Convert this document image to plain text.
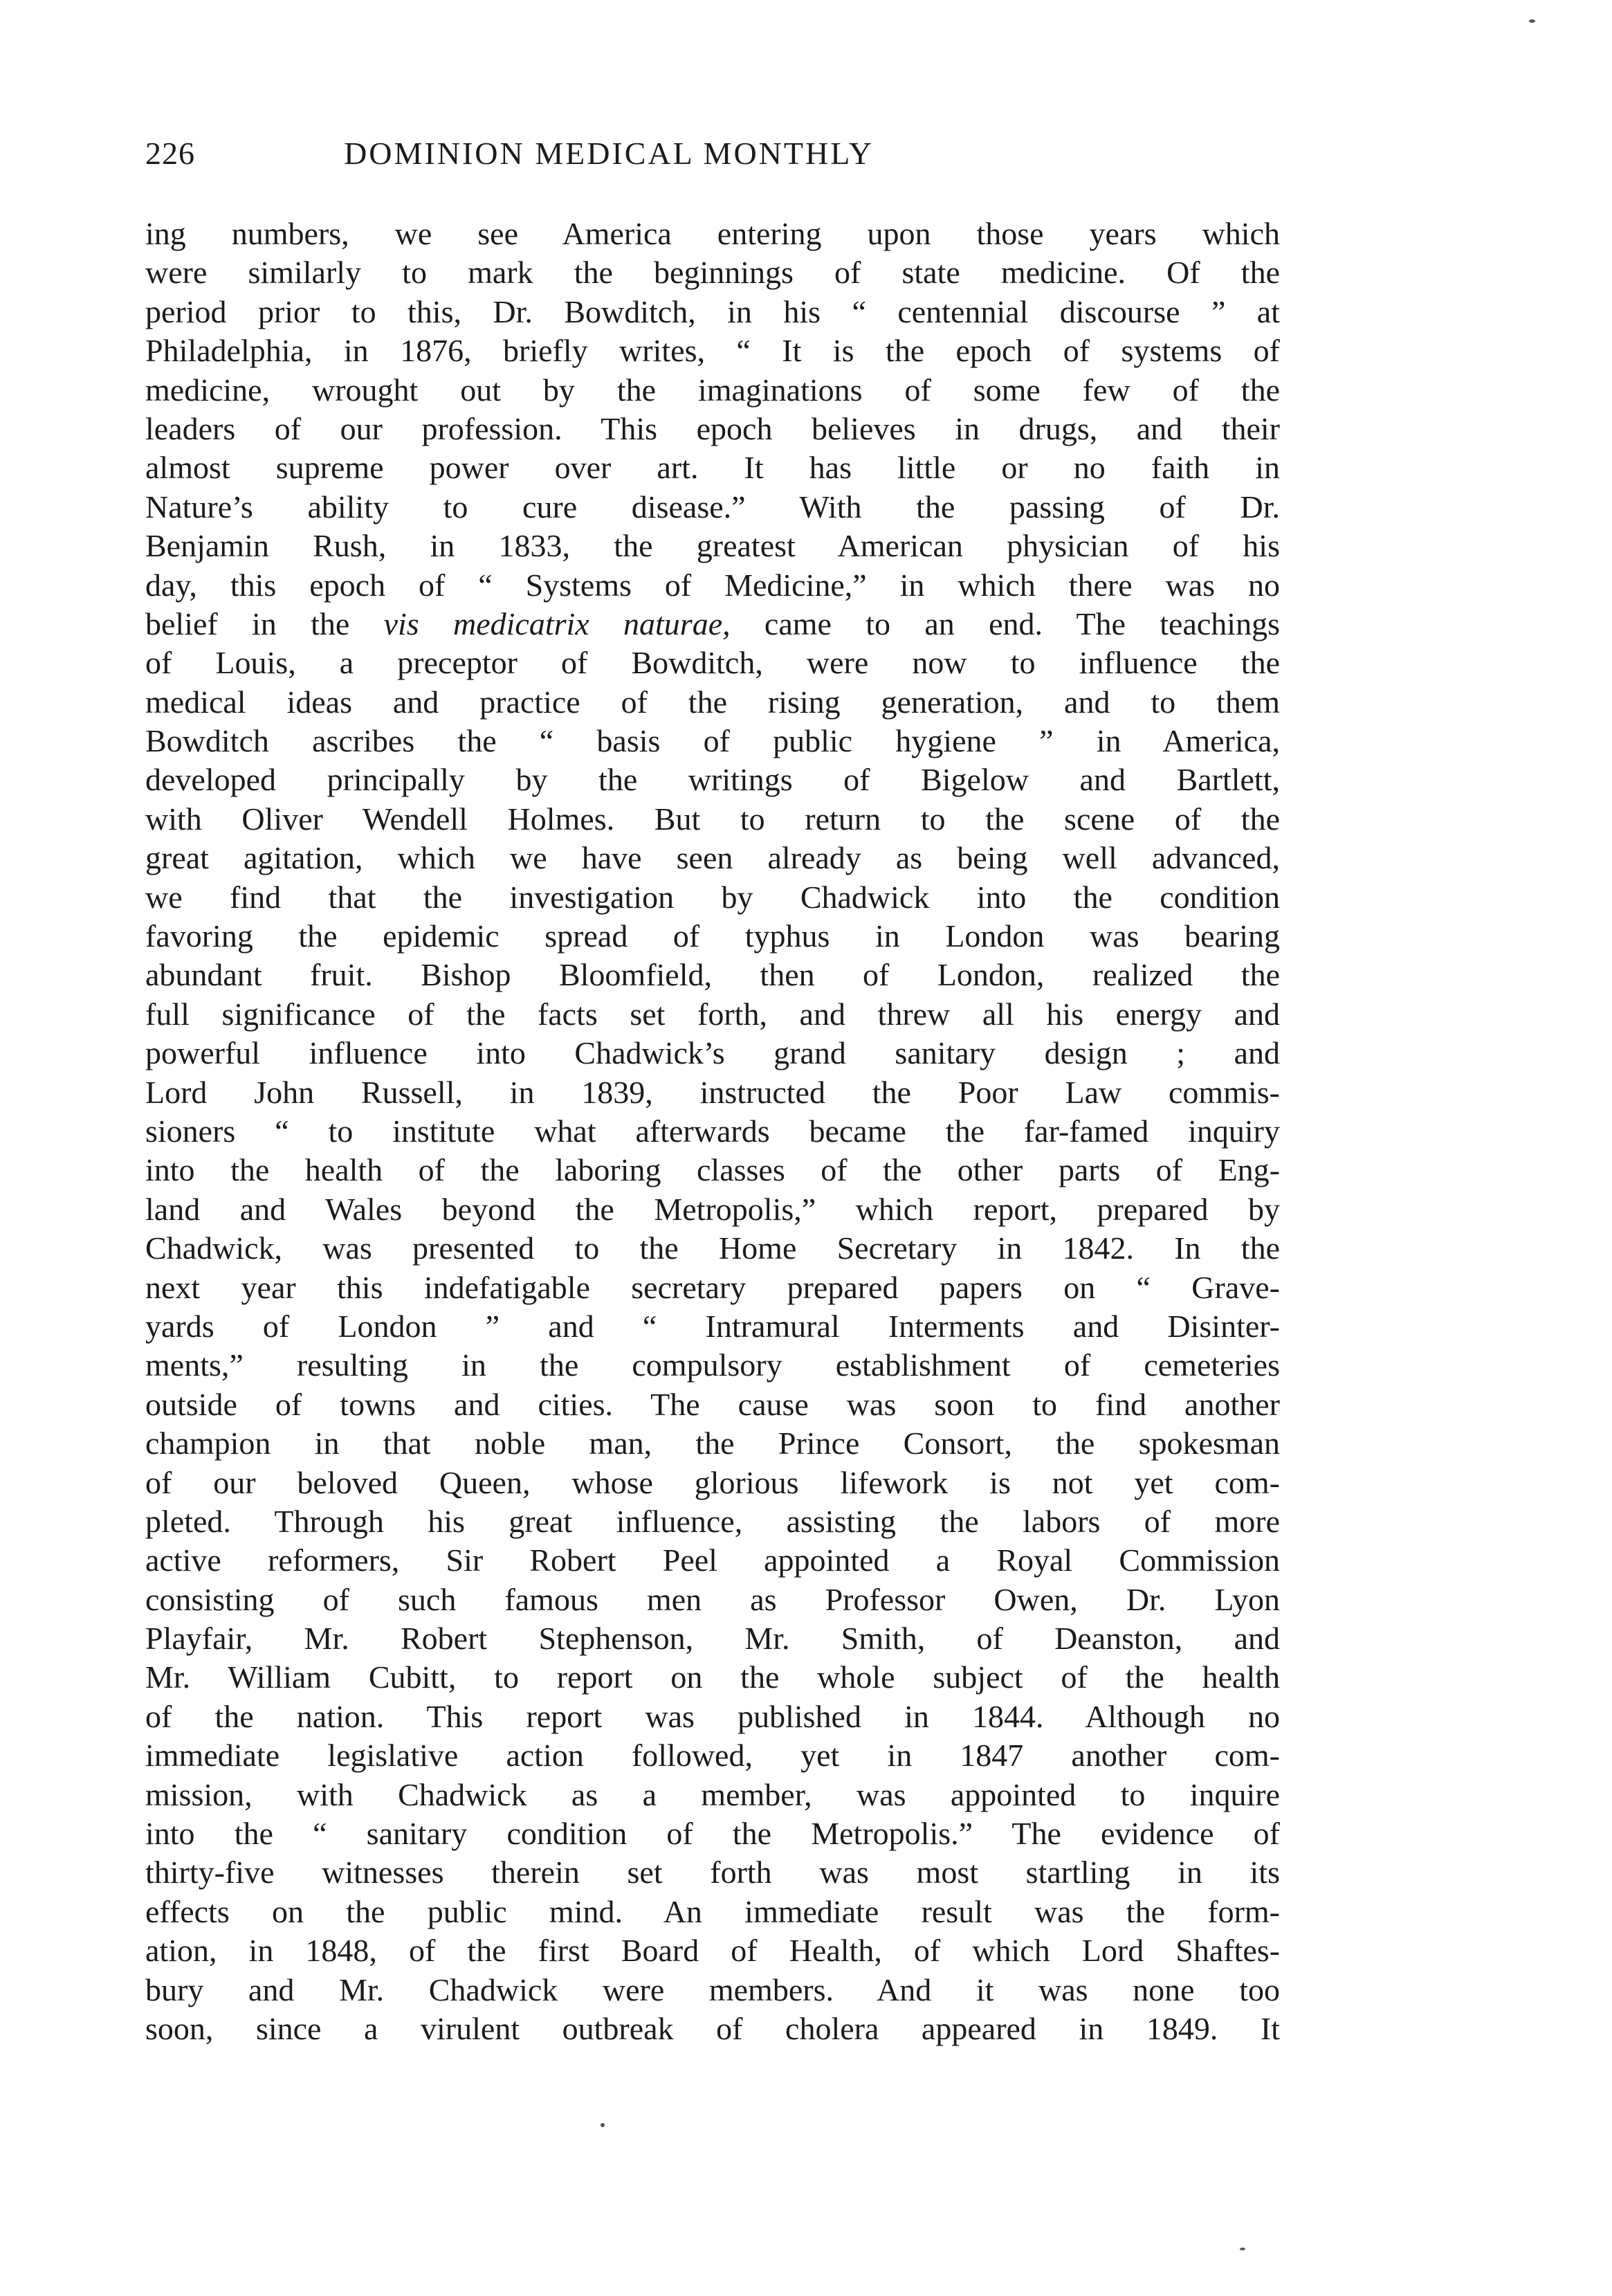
226	DOMINION MEDICAL MONTHLY
ing numbers, we see America entering upon those years which
were similarly to mark the beginnings of state medicine. Of the
period prior to this, Dr. Bowditch, in his “ centennial discourse ” at
Philadelphia, in 1876, briefly writes, “ It is the epoch of systems of
medicine, wrought out by the imaginations of some few of the
leaders of our profession. This epoch believes in drugs, and their
almost supreme power over art. It has little or no faith in
Nature’s ability to cure disease.” With the passing of Dr.
Benjamin Rush, in 1833, the greatest American physician of his
day, this epoch of “ Systems of Medicine,” in which there was no
belief in the vis medicatrix naturae, came to an end. The teachings
of Louis, a preceptor of Bowditch, were now to influence the
medical ideas and practice of the rising generation, and to them
Bowditch ascribes the “ basis of public hygiene ” in America,
developed principally by the writings of Bigelow and Bartlett,
with Oliver Wendell Holmes. But to return to the scene of the
great agitation, which we have seen already as being well advanced,
we find that the investigation by Chadwick into the condition
favoring the epidemic spread of typhus in London was bearing
abundant fruit. Bishop Bloomfield, then of London, realized the
full significance of the facts set forth, and threw all his energy and
powerful influence into Chadwick’s grand sanitary design ; and
Lord John Russell, in 1839, instructed the Poor Law commis-
sioners “ to institute what afterwards became the far-famed inquiry
into the health of the laboring classes of the other parts of Eng-
land and Wales beyond the Metropolis,” which report, prepared by
Chadwick, was presented to the Home Secretary in 1842. In the
next year this indefatigable secretary prepared papers on “ Grave-
yards of London ” and “ Intramural Interments and Disinter-
ments,” resulting in the compulsory establishment of cemeteries
outside of towns and cities. The cause was soon to find another
champion in that noble man, the Prince Consort, the spokesman
of our beloved Queen, whose glorious lifework is not yet com-
pleted. Through his great influence, assisting the labors of more
active reformers, Sir Robert Peel appointed a Royal Commission
consisting of such famous men as Professor Owen, Dr. Lyon
Playfair, Mr. Robert Stephenson, Mr. Smith, of Deanston, and
Mr. William Cubitt, to report on the whole subject of the health
of the nation. This report was published in 1844. Although no
immediate legislative action followed, yet in 1847 another com-
mission, with Chadwick as a member, was appointed to inquire
into the “ sanitary condition of the Metropolis.” The evidence of
thirty-five witnesses therein set forth was most startling in its
effects on the public mind. An immediate result was the form-
ation, in 1848, of the first Board of Health, of which Lord Shaftes-
bury and Mr. Chadwick were members. And it was none too
soon, since a virulent outbreak of cholera appeared in 1849. It
